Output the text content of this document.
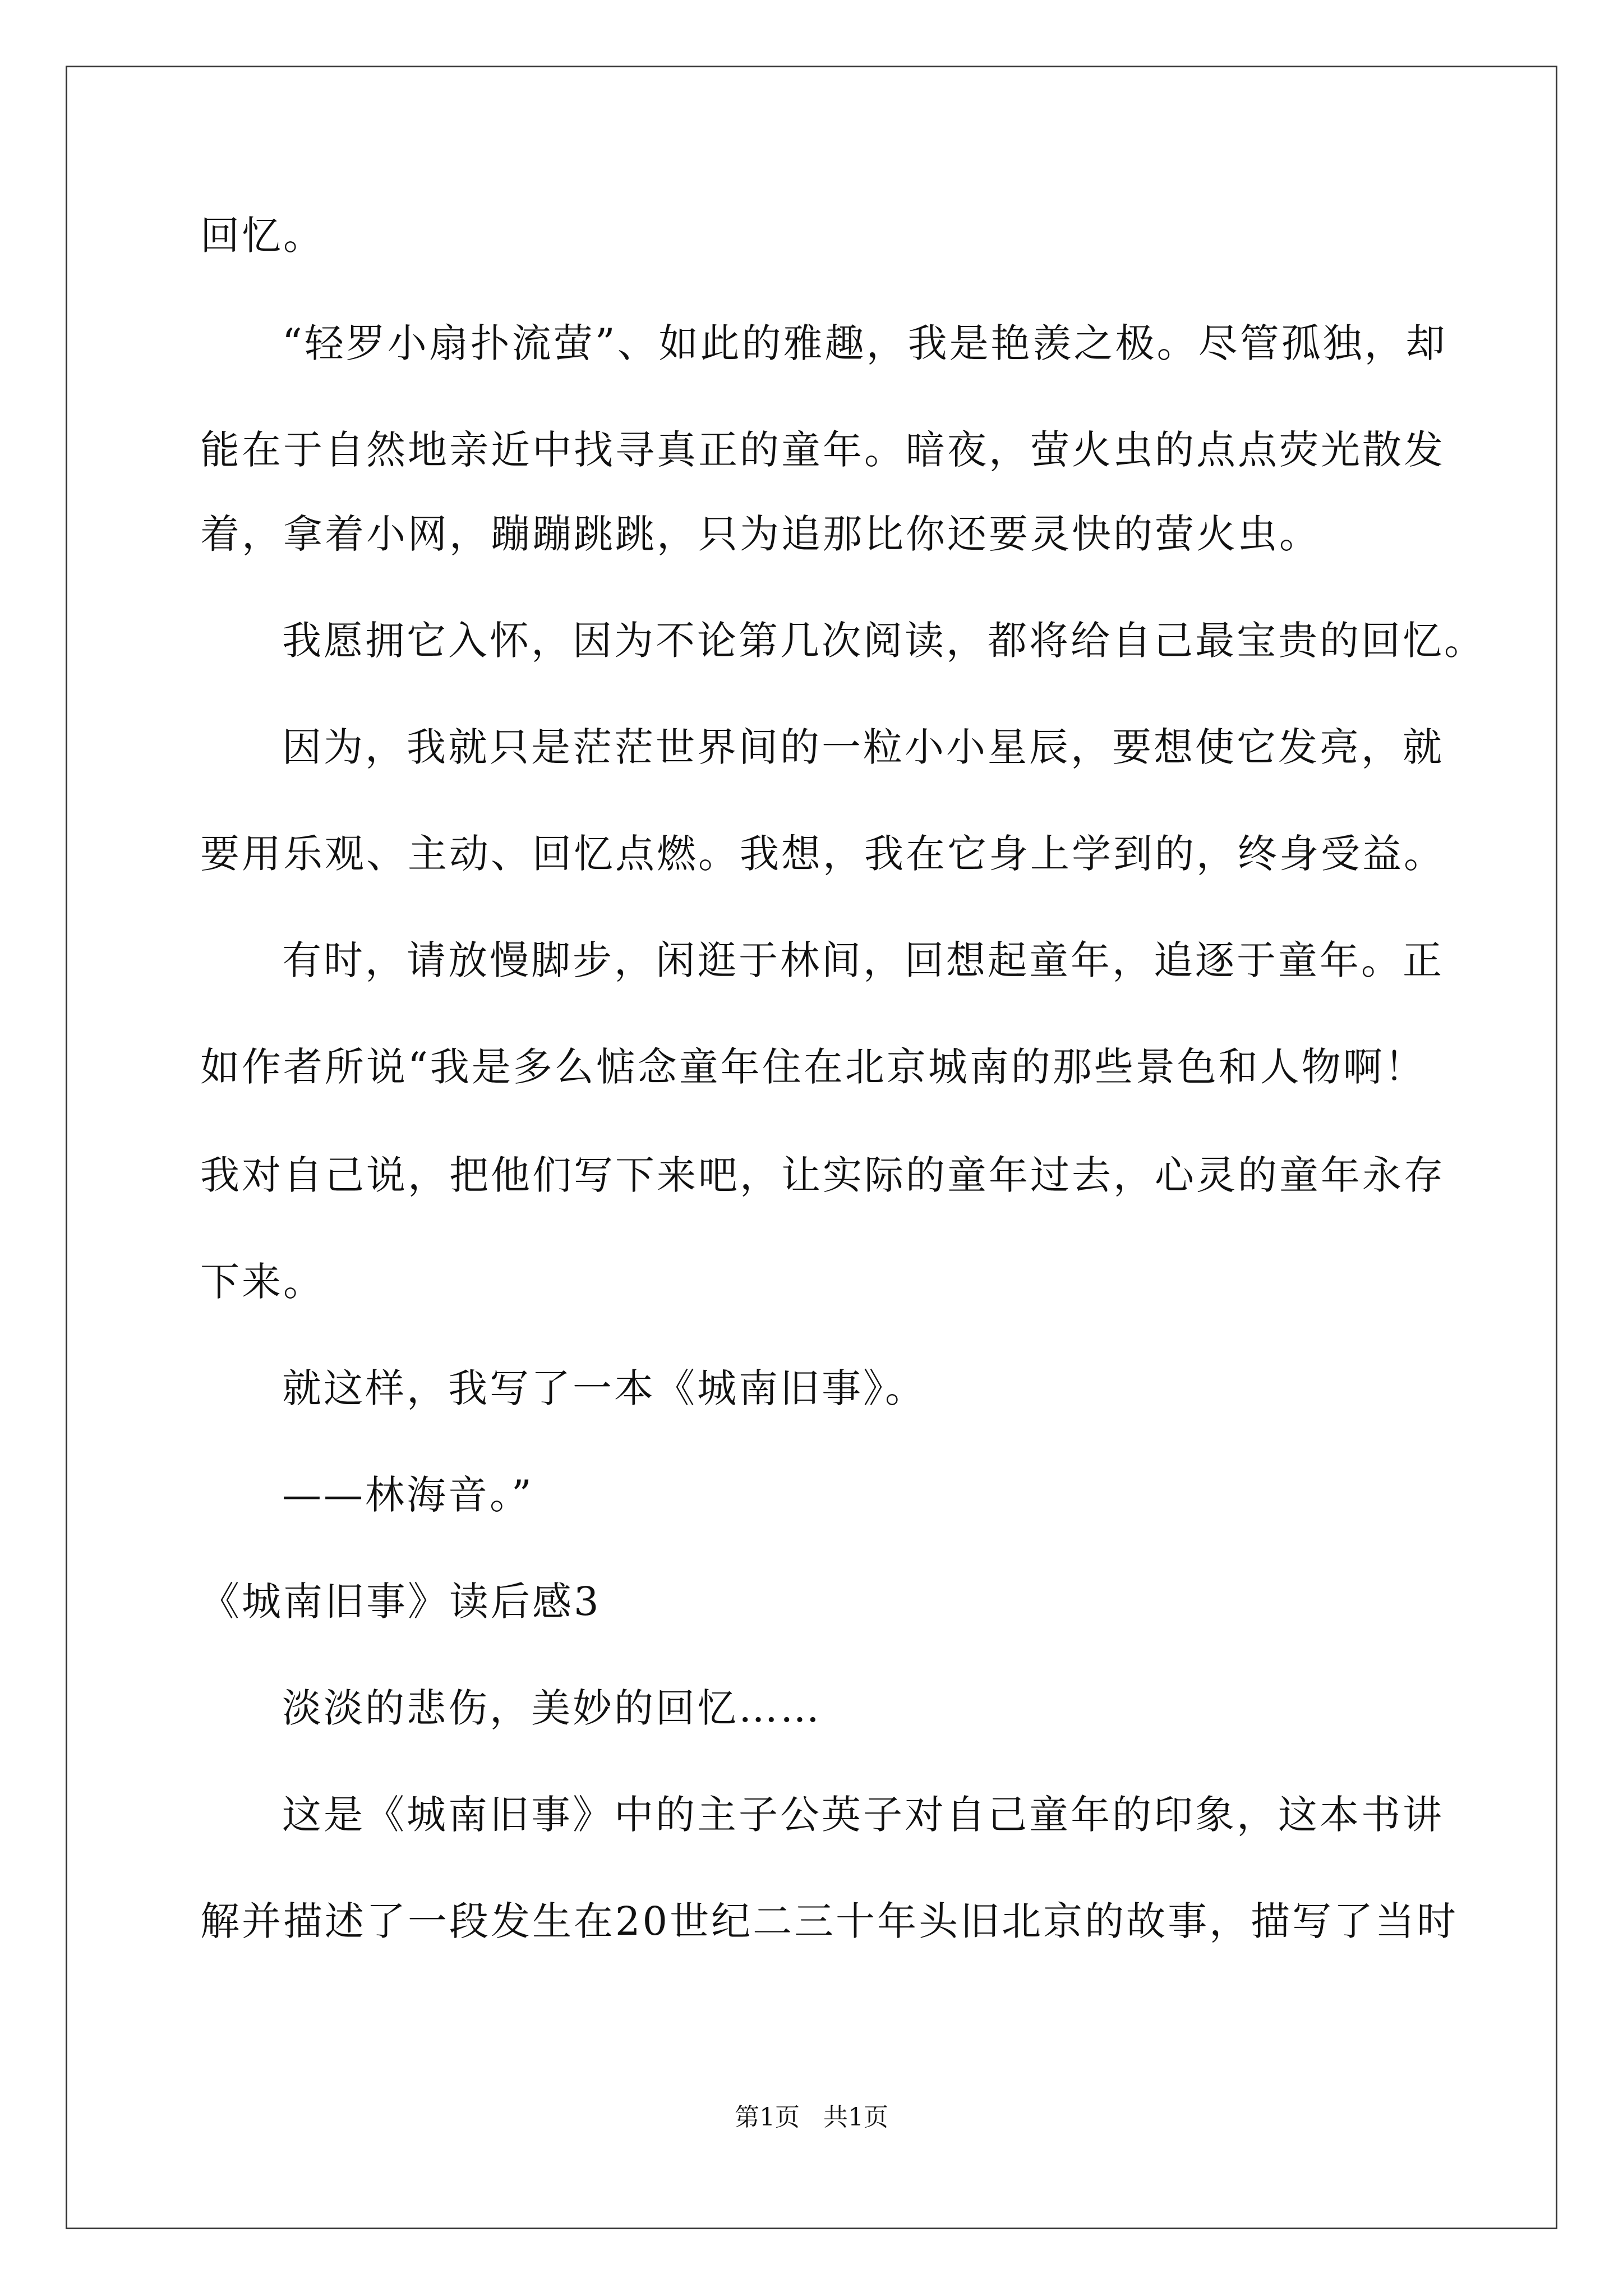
回忆。
“轻罗小扇扑流萤”、如此的雅趣，我是艳羡之极。尽管孤独，却
能在于自然地亲近中找寻真正的童年。暗夜，萤火虫的点点荧光散发
着，拿着小网，蹦蹦跳跳，只为追那比你还要灵快的萤火虫。
我愿拥它入怀，因为不论第几次阅读，都将给自己最宝贵的回忆。
因为，我就只是茫茫世界间的一粒小小星辰，要想使它发亮，就
要用乐观、主动、回忆点燃。我想，我在它身上学到的，终身受益。
有时，请放慢脚步，闲逛于林间，回想起童年，追逐于童年。正
如作者所说“我是多么惦念童年住在北京城南的那些景色和人物啊！
我对自己说，把他们写下来吧，让实际的童年过去，心灵的童年永存
下来。
就这样，我写了一本《城南旧事》。
——林海音。”
《城南旧事》读后感3
淡淡的悲伤，美妙的回忆……
这是《城南旧事》中的主子公英子对自己童年的印象，这本书讲
解并描述了一段发生在20世纪二三十年头旧北京的故事，描写了当时
第1页   共1页
